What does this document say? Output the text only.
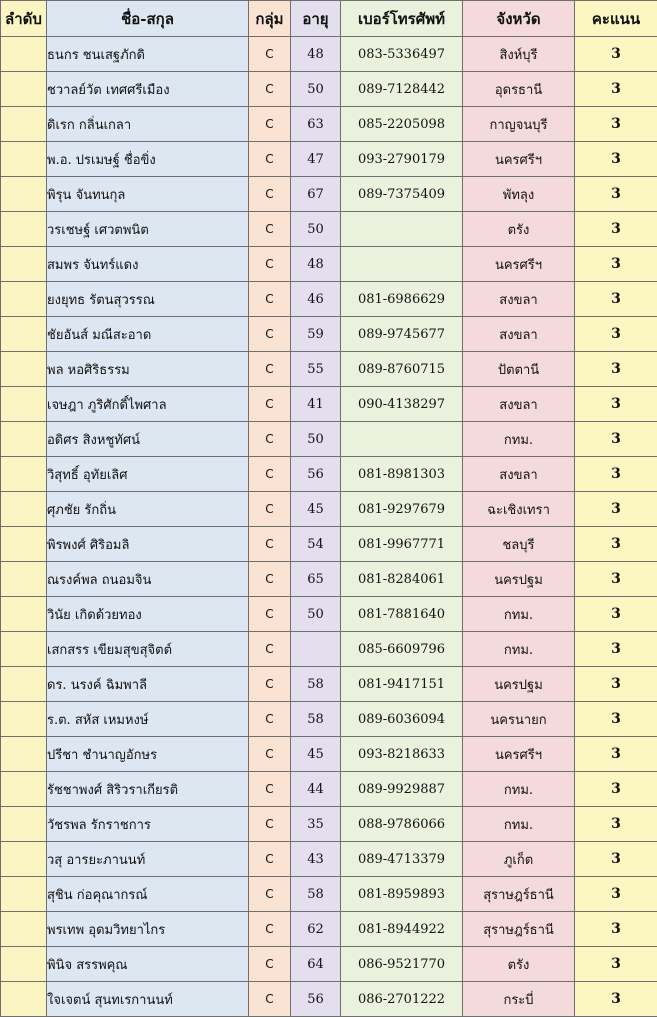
ลำดับ	ชื่อ-สกุล	กลุ่ม	อายุ	เบอร์โทรศัพท์	จังหวัด	คะแนน
	ธนกร ชนเสฐภักดิ	C	48	083-5336497	สิงห์บุรี	3
	ชวาลย์วัต เทศศรีเมือง	C	50	089-7128442	อุดรธานี	3
	ดิเรก กลิ่นเกลา	C	63	085-2205098	กาญจนบุรี	3
	พ.อ. ปรเมษฐ์ ชื่อขิ่ง	C	47	093-2790179	นครศรีฯ	3
	พิรุน จันทนกุล	C	67	089-7375409	พัทลุง	3
	วรเชษฐ์ เศวตพนิต	C	50		ตรัง	3
	สมพร จันทร์แดง	C	48		นครศรีฯ	3
	ยงยุทธ รัตนสุวรรณ	C	46	081-6986629	สงขลา	3
	ชัยอันส์ มณีสะอาด	C	59	089-9745677	สงขลา	3
	พล หอศิริธรรม	C	55	089-8760715	ปัตตานี	3
	เจษฎา ภูริศักดิ์ไพศาล	C	41	090-4138297	สงขลา	3
	อดิศร สิงหชูทัศน์	C	50		กทม.	3
	วิสุทธิ์ อุทัยเลิศ	C	56	081-8981303	สงขลา	3
	ศุภชัย รักถิ่น	C	45	081-9297679	ฉะเชิงเทรา	3
	พิรพงศ์ ศิริอมลิ	C	54	081-9967771	ชลบุรี	3
	ณรงค์พล ถนอมจิน	C	65	081-8284061	นครปฐม	3
	วินัย เกิดด้วยทอง	C	50	081-7881640	กทม.	3
	เสกสรร เขียมสุขสุจิตต์	C		085-6609796	กทม.	3
	ดร. นรงค์ ฉิมพาลี	C	58	081-9417151	นครปฐม	3
	ร.ต. สหัส เหมหงษ์	C	58	089-6036094	นครนายก	3
	ปรีชา ชำนาญอักษร	C	45	093-8218633	นครศรีฯ	3
	รัชชาพงศ์ สิริวราเกียรติ	C	44	089-9929887	กทม.	3
	วัชรพล รักราชการ	C	35	088-9786066	กทม.	3
	วสุ อารยะภานนท์	C	43	089-4713379	ภูเก็ต	3
	สุชิน ก่อคุณากรณ์	C	58	081-8959893	สุราษฎร์ธานี	3
	พรเทพ อุดมวิทยาไกร	C	62	081-8944922	สุราษฎร์ธานี	3
	พินิจ สรรพคุณ	C	64	086-9521770	ตรัง	3
	ใจเจตน์ สุนทเรกานนท์	C	56	086-2701222	กระบี่	3
